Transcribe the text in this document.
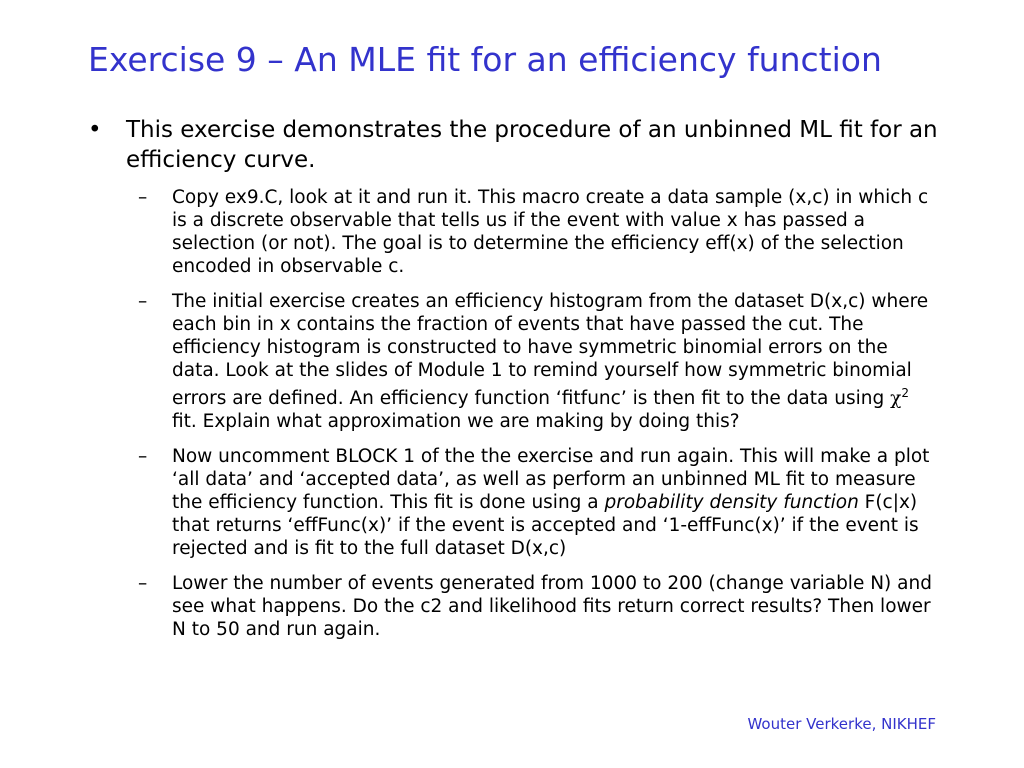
Exercise 9 – An MLE fit for an efficiency function
• This exercise demonstrates the procedure of an unbinned ML fit for an efficiency curve.
– Copy ex9.C, look at it and run it. This macro create a data sample (x,c) in which c is a discrete observable that tells us if the event with value x has passed a selection (or not). The goal is to determine the efficiency eff(x) of the selection encoded in observable c.
– The initial exercise creates an efficiency histogram from the dataset D(x,c) where each bin in x contains the fraction of events that have passed the cut. The efficiency histogram is constructed to have symmetric binomial errors on the data. Look at the slides of Module 1 to remind yourself how symmetric binomial errors are defined. An efficiency function ‘fitfunc’ is then fit to the data using $\chi^2$ fit. Explain what approximation we are making by doing this?
– Now uncomment BLOCK 1 of the the exercise and run again. This will make a plot ‘all data’ and ‘accepted data’, as well as perform an unbinned ML fit to measure the efficiency function. This fit is done using a probability density function F(c|x) that returns ‘effFunc(x)’ if the event is accepted and ‘1-effFunc(x)’ if the event is rejected and is fit to the full dataset D(x,c)
– Lower the number of events generated from 1000 to 200 (change variable N) and see what happens. Do the c2 and likelihood fits return correct results? Then lower N to 50 and run again.
Wouter Verkerke, NIKHEF
